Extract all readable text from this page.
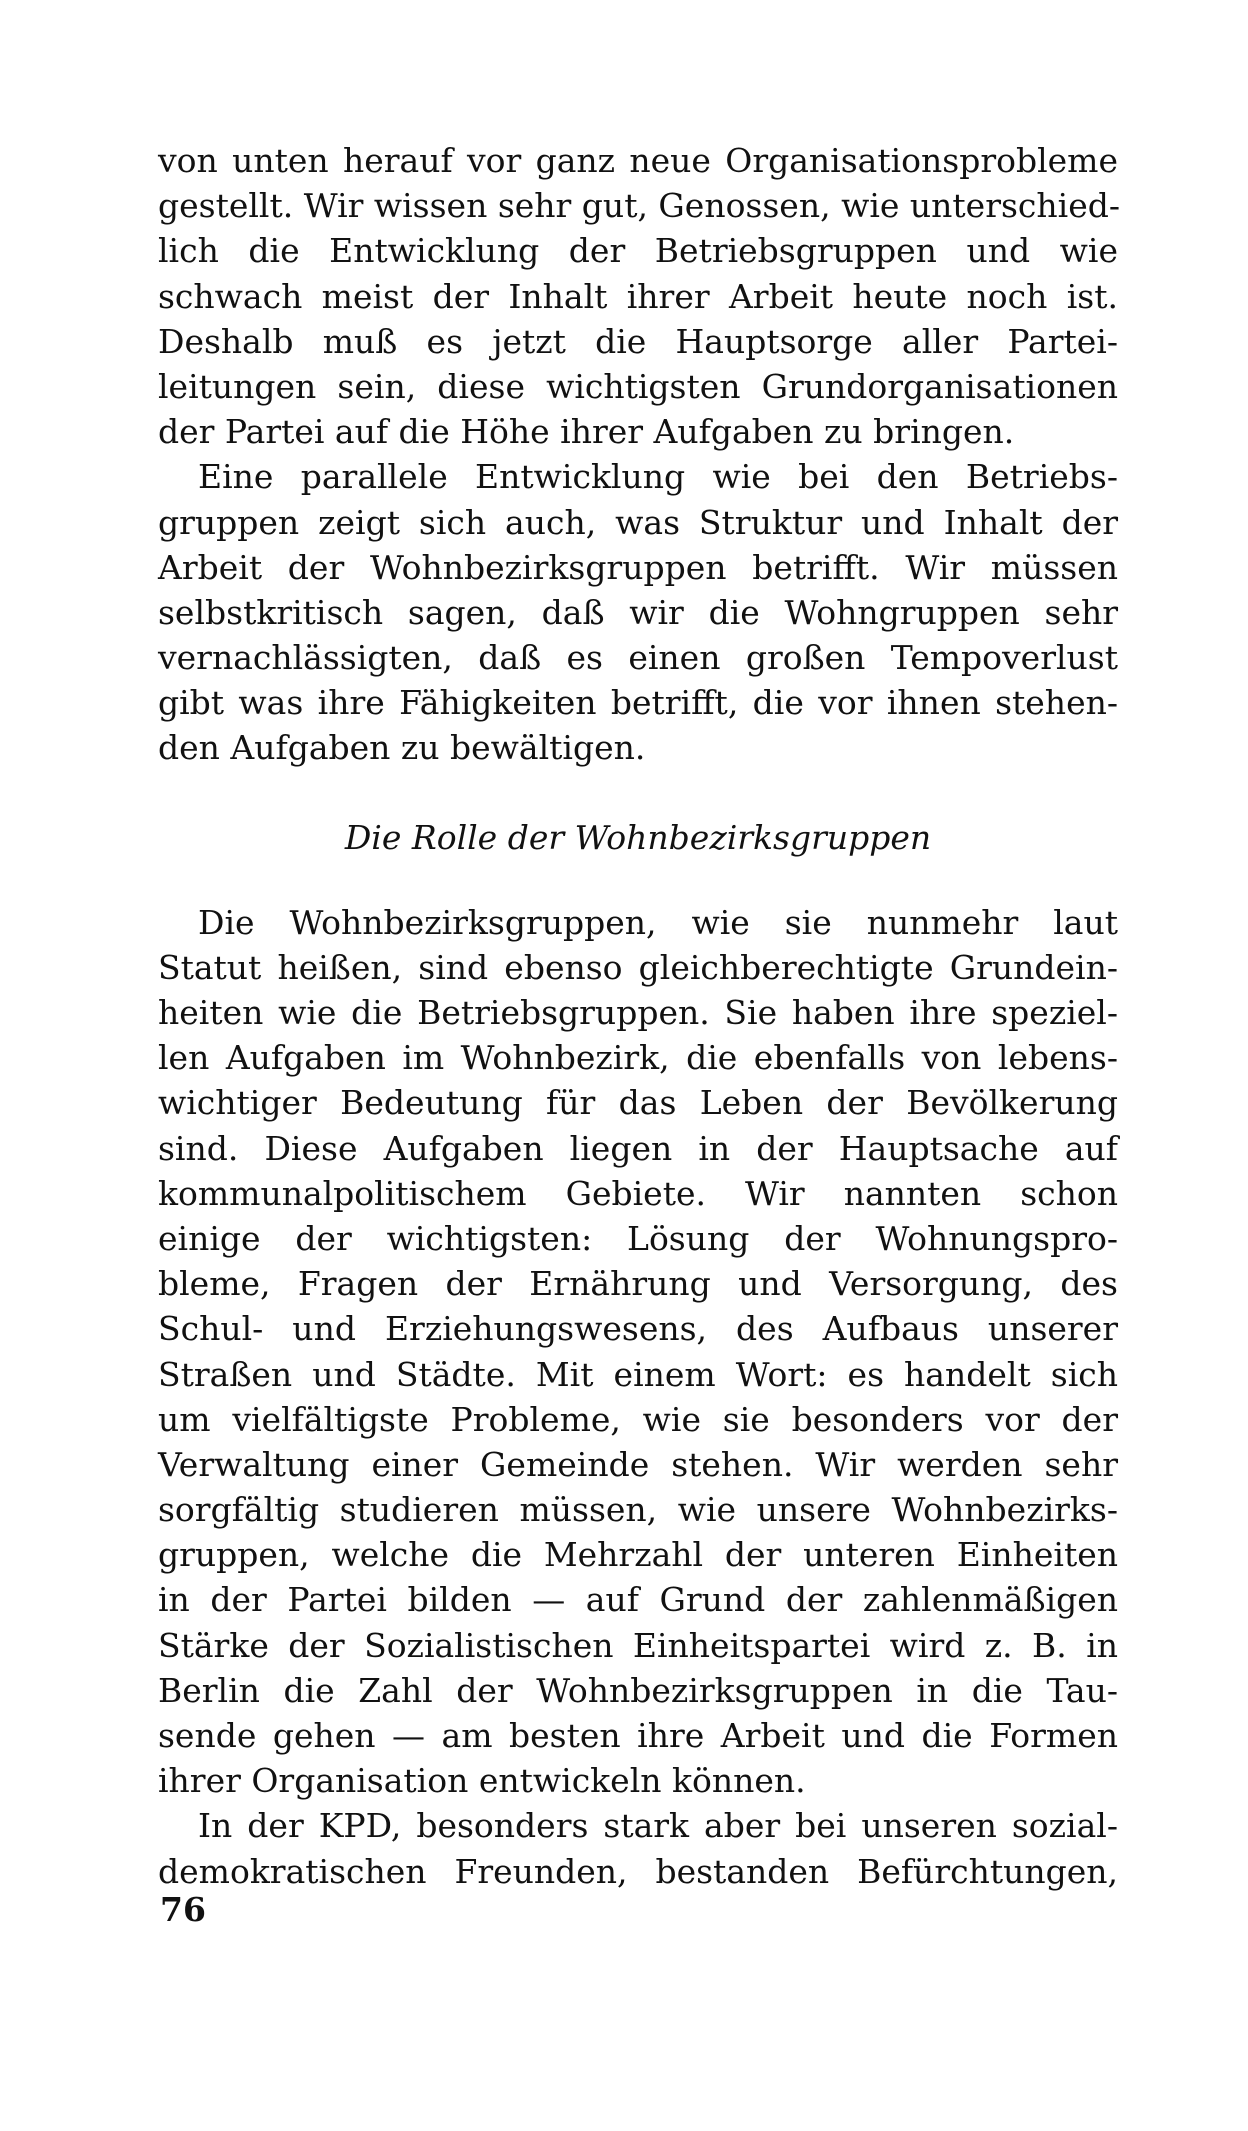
von unten herauf vor ganz neue Organisationsprobleme
gestellt. Wir wissen sehr gut, Genossen, wie unterschied-
lich die Entwicklung der Betriebsgruppen und wie
schwach meist der Inhalt ihrer Arbeit heute noch ist.
Deshalb muß es jetzt die Hauptsorge aller Partei-
leitungen sein, diese wichtigsten Grundorganisationen
der Partei auf die Höhe ihrer Aufgaben zu bringen.
Eine parallele Entwicklung wie bei den Betriebs-
gruppen zeigt sich auch, was Struktur und Inhalt der
Arbeit der Wohnbezirksgruppen betrifft. Wir müssen
selbstkritisch sagen, daß wir die Wohngruppen sehr
vernachlässigten, daß es einen großen Tempoverlust
gibt was ihre Fähigkeiten betrifft, die vor ihnen stehen-
den Aufgaben zu bewältigen.
Die Rolle der Wohnbezirksgruppen
Die Wohnbezirksgruppen, wie sie nunmehr laut
Statut heißen, sind ebenso gleichberechtigte Grundein-
heiten wie die Betriebsgruppen. Sie haben ihre speziel-
len Aufgaben im Wohnbezirk, die ebenfalls von lebens-
wichtiger Bedeutung für das Leben der Bevölkerung
sind. Diese Aufgaben liegen in der Hauptsache auf
kommunalpolitischem Gebiete. Wir nannten schon
einige der wichtigsten: Lösung der Wohnungspro-
bleme, Fragen der Ernährung und Versorgung, des
Schul- und Erziehungswesens, des Aufbaus unserer
Straßen und Städte. Mit einem Wort: es handelt sich
um vielfältigste Probleme, wie sie besonders vor der
Verwaltung einer Gemeinde stehen. Wir werden sehr
sorgfältig studieren müssen, wie unsere Wohnbezirks-
gruppen, welche die Mehrzahl der unteren Einheiten
in der Partei bilden — auf Grund der zahlenmäßigen
Stärke der Sozialistischen Einheitspartei wird z. B. in
Berlin die Zahl der Wohnbezirksgruppen in die Tau-
sende gehen — am besten ihre Arbeit und die Formen
ihrer Organisation entwickeln können.
In der KPD, besonders stark aber bei unseren sozial-
demokratischen Freunden, bestanden Befürchtungen,
76
